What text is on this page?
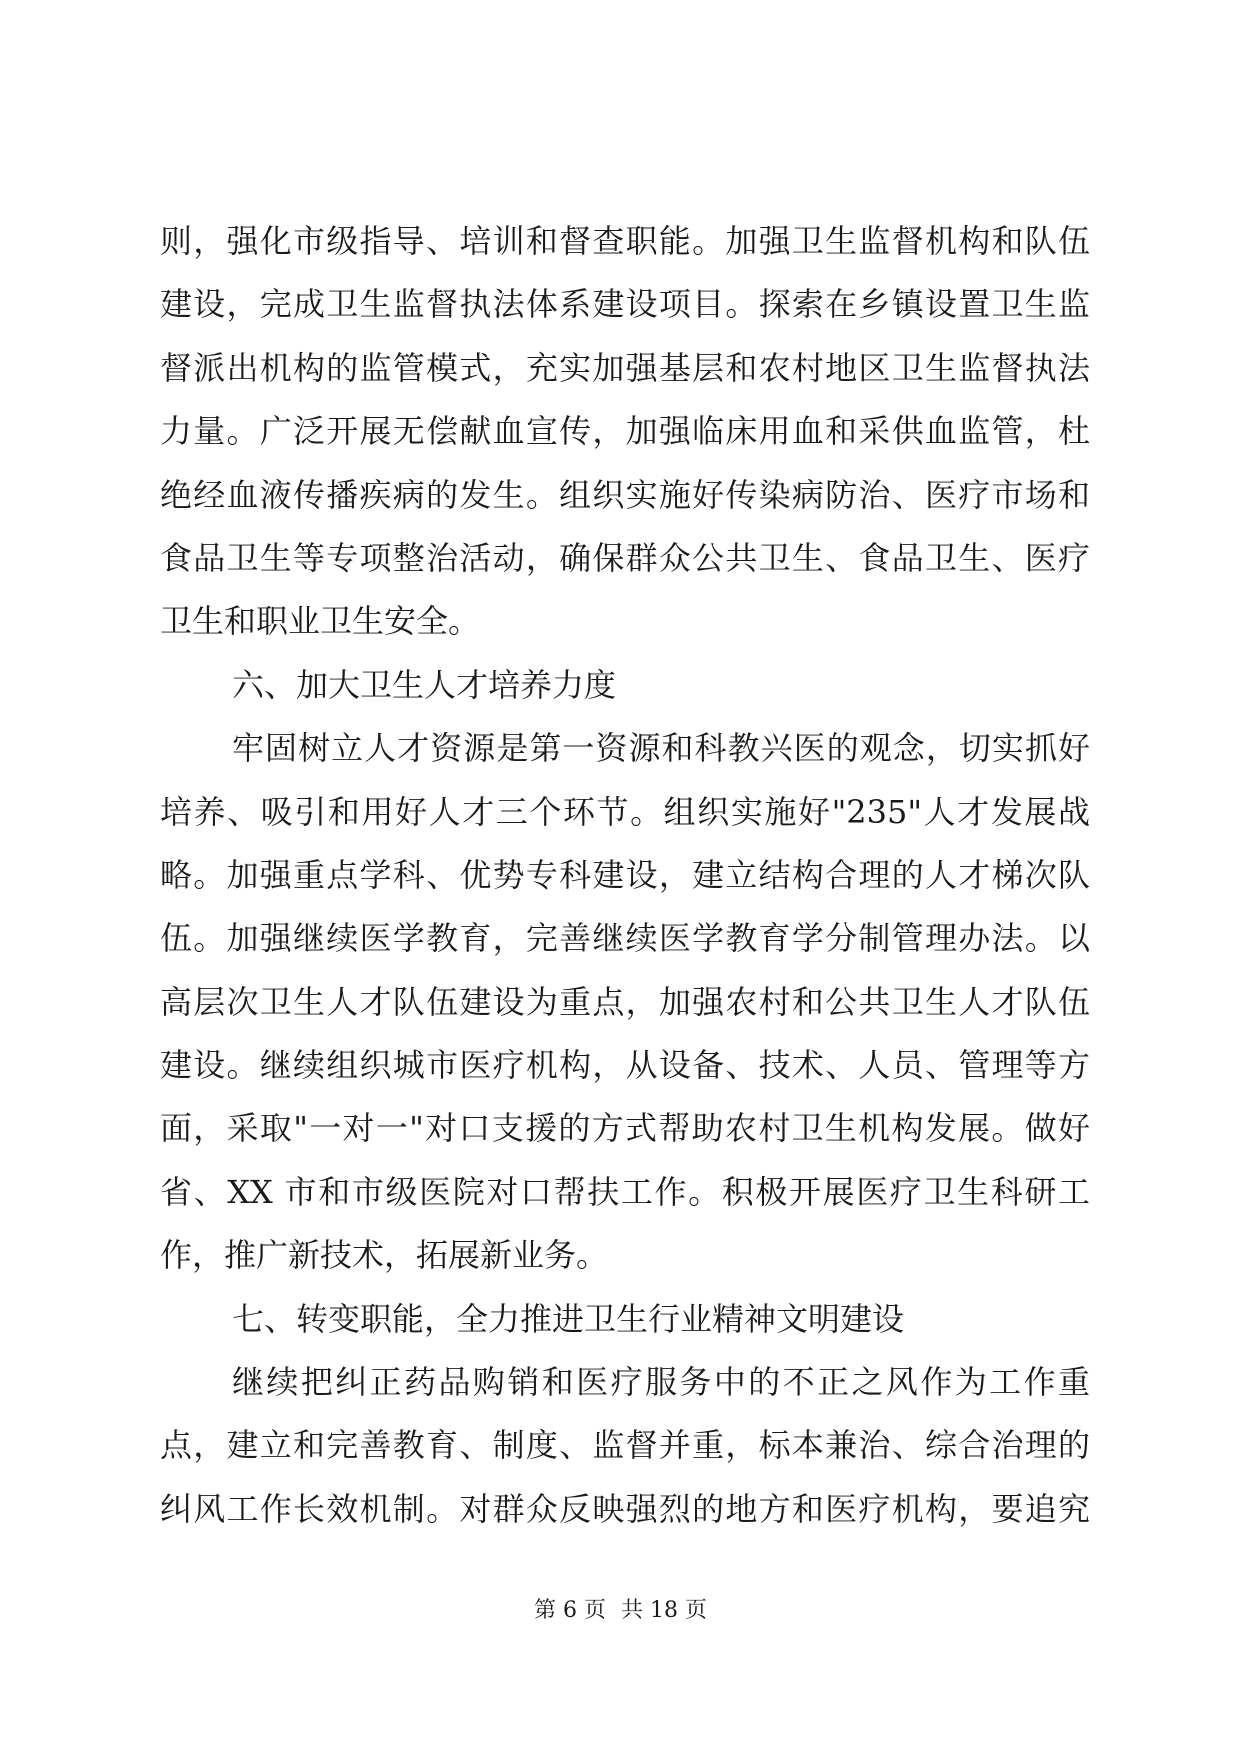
则，强化市级指导、培训和督查职能。加强卫生监督机构和队伍
建设，完成卫生监督执法体系建设项目。探索在乡镇设置卫生监
督派出机构的监管模式，充实加强基层和农村地区卫生监督执法
力量。广泛开展无偿献血宣传，加强临床用血和采供血监管，杜
绝经血液传播疾病的发生。组织实施好传染病防治、医疗市场和
食品卫生等专项整治活动，确保群众公共卫生、食品卫生、医疗
卫生和职业卫生安全。
六、加大卫生人才培养力度
牢固树立人才资源是第一资源和科教兴医的观念，切实抓好
培养、吸引和用好人才三个环节。组织实施好"235"人才发展战
略。加强重点学科、优势专科建设，建立结构合理的人才梯次队
伍。加强继续医学教育，完善继续医学教育学分制管理办法。以
高层次卫生人才队伍建设为重点，加强农村和公共卫生人才队伍
建设。继续组织城市医疗机构，从设备、技术、人员、管理等方
面，采取"一对一"对口支援的方式帮助农村卫生机构发展。做好
省、XX 市和市级医院对口帮扶工作。积极开展医疗卫生科研工
作，推广新技术，拓展新业务。
七、转变职能，全力推进卫生行业精神文明建设
继续把纠正药品购销和医疗服务中的不正之风作为工作重
点，建立和完善教育、制度、监督并重，标本兼治、综合治理的
纠风工作长效机制。对群众反映强烈的地方和医疗机构，要追究
第 6 页 共 18 页
